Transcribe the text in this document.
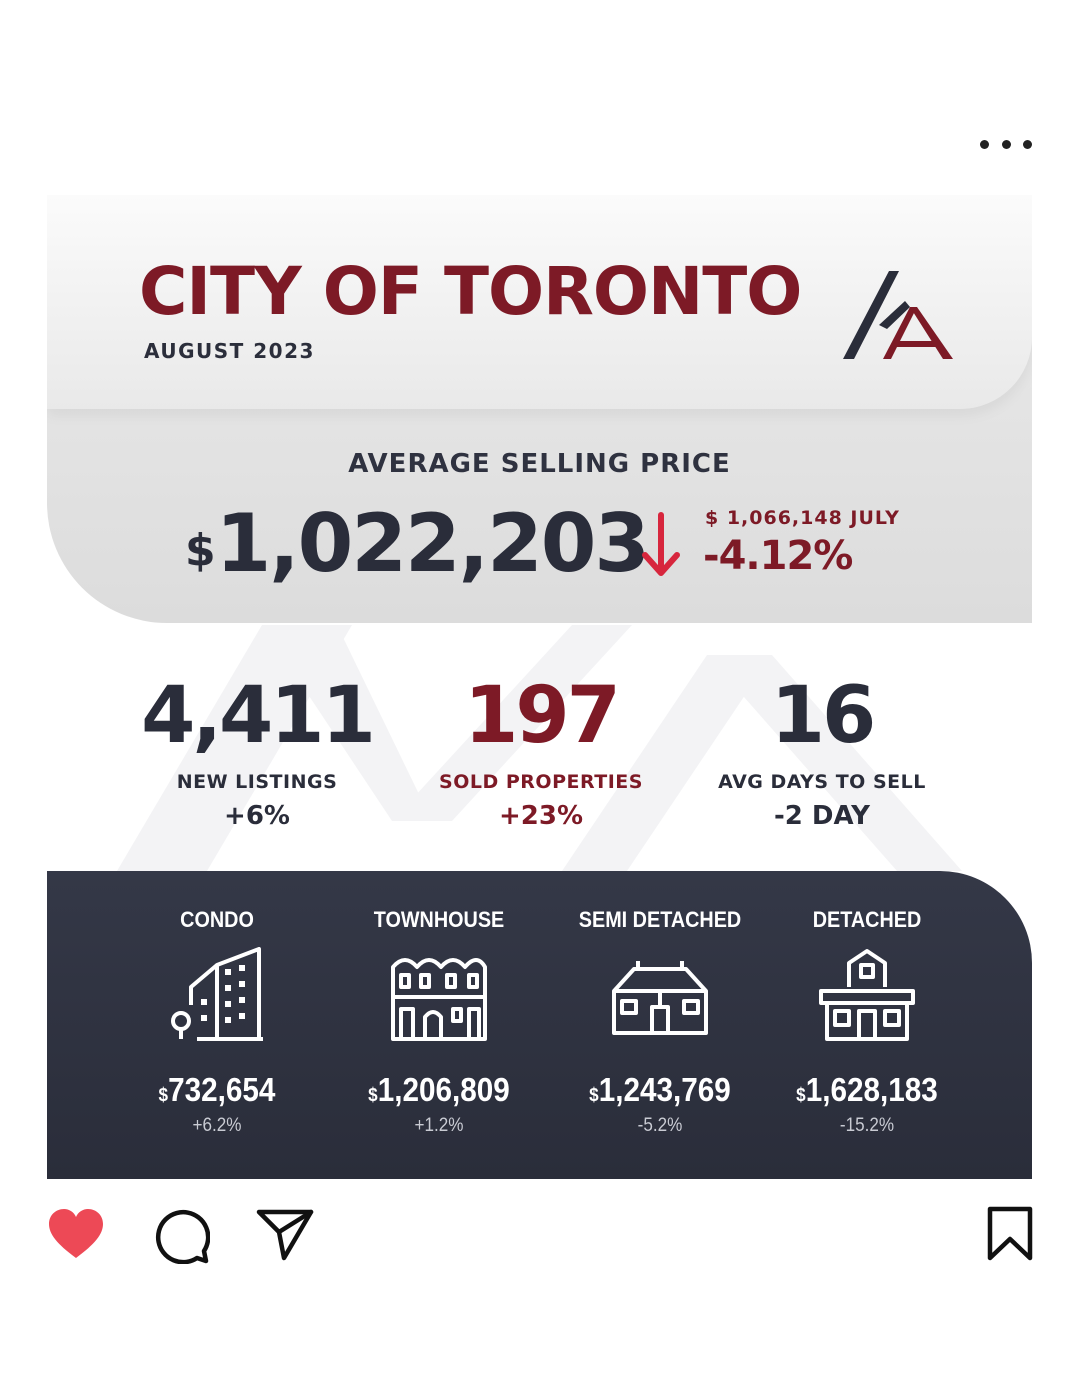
CITY OF TORONTO
AUGUST 2023
AVERAGE SELLING PRICE
$1,022,203	$ 1,066,148 JULY
-4.12%
4,411
NEW LISTINGS
+6%
197
SOLD PROPERTIES
+23%
16
AVG DAYS TO SELL
-2 DAY
CONDO
$732,654
+6.2%
TOWNHOUSE
$1,206,809
+1.2%
SEMI DETACHED
$1,243,769
-5.2%
DETACHED
$1,628,183
-15.2%
